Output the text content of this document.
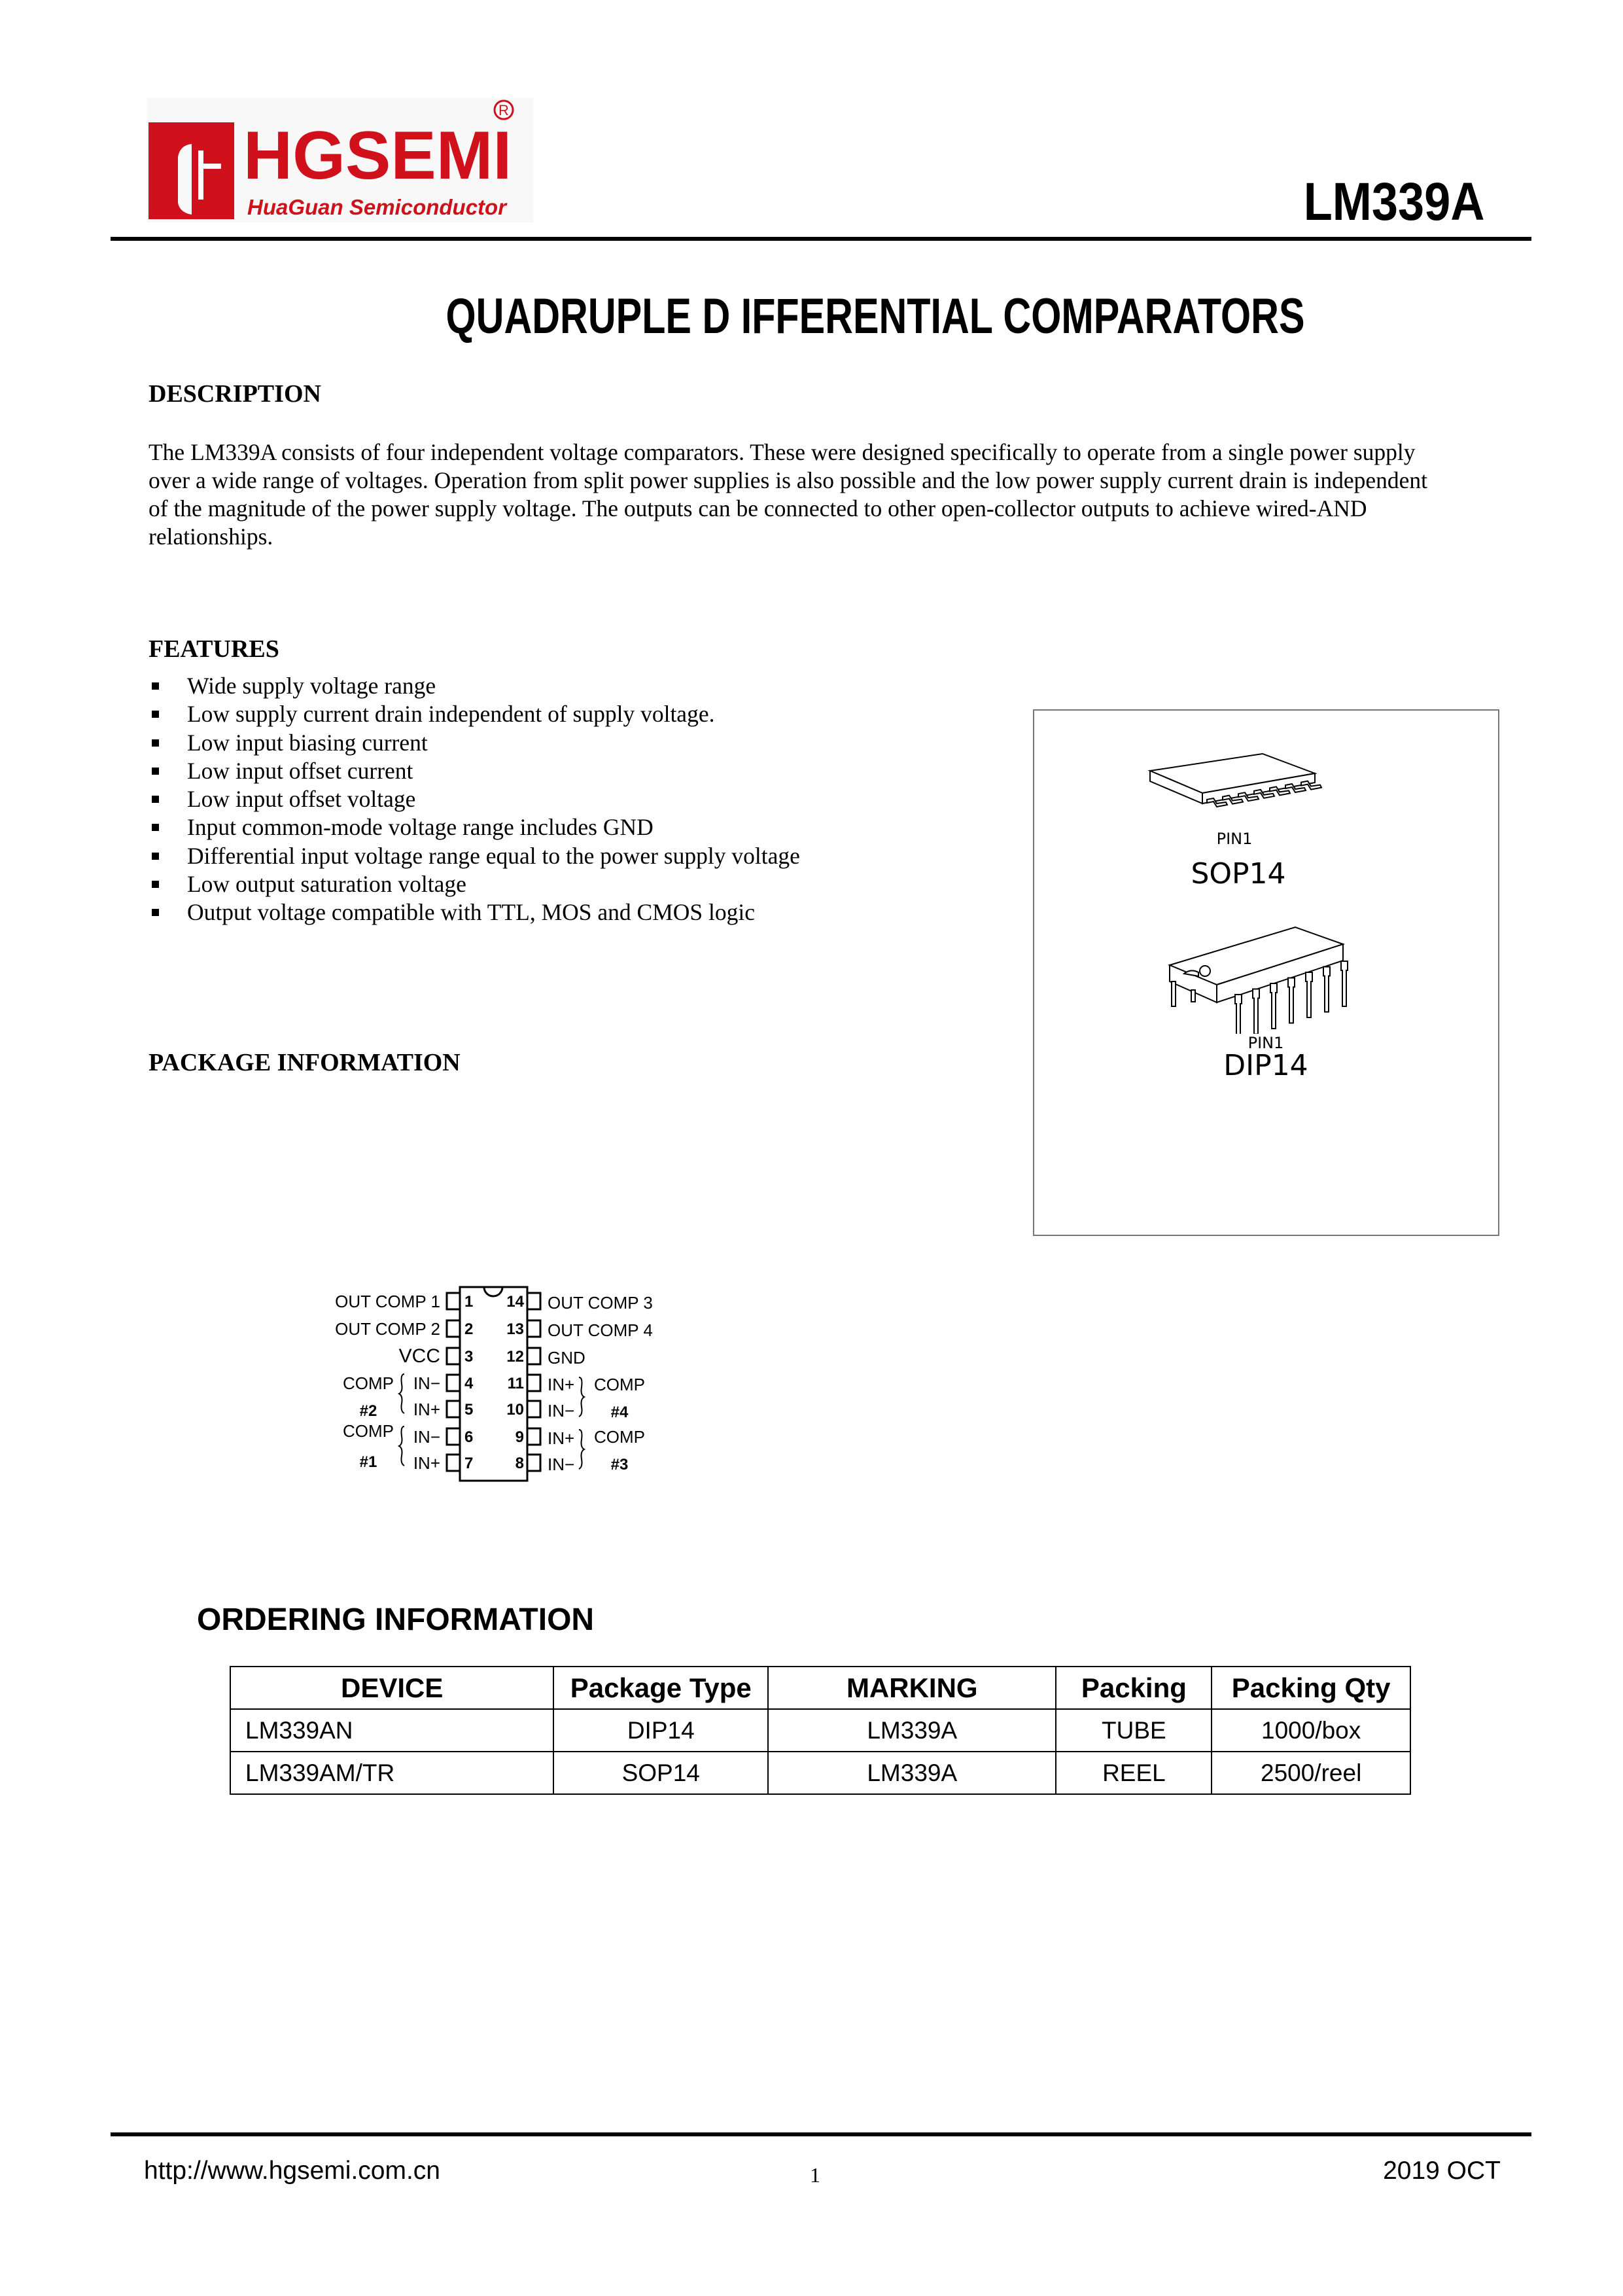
HGSEMI
R
HuaGuan Semiconductor	LM339A
QUADRUPLE D IFFERENTIAL COMPARATORS
DESCRIPTION
The LM339A consists of four independent voltage comparators. These were designed specifically to operate from a single power supply
over a wide range of voltages. Operation from split power supplies is also possible and the low power supply current drain is independent
of the magnitude of the power supply voltage. The outputs can be connected to other open-collector outputs to achieve wired-AND
relationships.
FEATURES
Wide supply voltage range
Low supply current drain independent of supply voltage.
Low input biasing current
Low input offset current
Low input offset voltage
Input common-mode voltage range includes GND
Differential input voltage range equal to the power supply voltage
Low output saturation voltage
Output voltage compatible with TTL, MOS and CMOS logic
PACKAGE INFORMATION
PIN1
SOP14
PIN1
DIP14
1
OUT COMP 1
2
OUT COMP 2
3
VCC
4
IN−
5
IN+
6
IN−
7
IN+
14 OUT COMP 3
13 OUT COMP 4
12 GND
11 IN+
10 IN−
9 IN+
8 IN−
COMP
#2
COMP
#1
COMP
#4
COMP
#3
ORDERING INFORMATION
DEVICE	Package Type	MARKING	Packing	Packing Qty
LM339AN	DIP14	LM339A	TUBE	1000/box
LM339AM/TR	SOP14	LM339A	REEL	2500/reel
http://www.hgsemi.com.cn	1	2019 OCT
